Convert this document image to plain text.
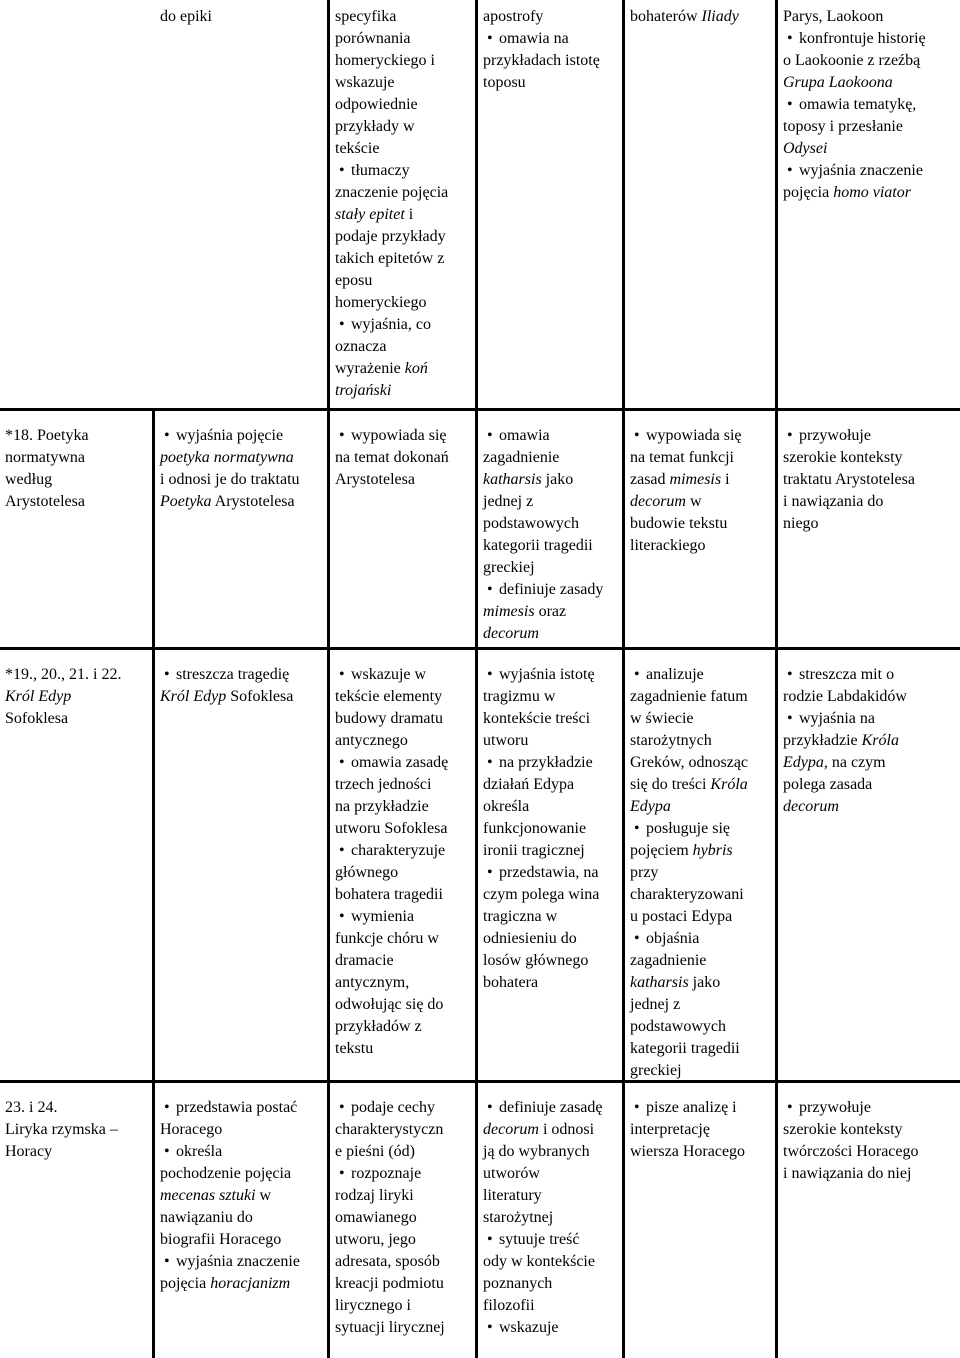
do epiki	specyfika
porównania
homeryckiego i
wskazuje
odpowiednie
przykłady w
tekście
• tłumaczy
znaczenie pojęcia
stały epitet i
podaje przykłady
takich epitetów z
eposu
homeryckiego
• wyjaśnia, co
oznacza
wyrażenie koń
trojański
apostrofy
• omawia na
przykładach istotę
toposu
bohaterów Iliady	Parys, Laokoon
• konfrontuje historię
o Laokoonie z rzeźbą
Grupa Laokoona
• omawia tematykę,
toposy i przesłanie
Odysei
• wyjaśnia znaczenie
pojęcia homo viator
*18. Poetyka
normatywna
według
Arystotelesa
• wyjaśnia pojęcie
poetyka normatywna
i odnosi je do traktatu
Poetyka Arystotelesa
• wypowiada się
na temat dokonań
Arystotelesa
• omawia
zagadnienie
katharsis jako
jednej z
podstawowych
kategorii tragedii
greckiej
• definiuje zasady
mimesis oraz
decorum
• wypowiada się
na temat funkcji
zasad mimesis i
decorum w
budowie tekstu
literackiego
• przywołuje
szerokie konteksty
traktatu Arystotelesa
i nawiązania do
niego
*19., 20., 21. i 22.
Król Edyp
Sofoklesa
• streszcza tragedię
Król Edyp Sofoklesa
• wskazuje w
tekście elementy
budowy dramatu
antycznego
• omawia zasadę
trzech jedności
na przykładzie
utworu Sofoklesa
• charakteryzuje
głównego
bohatera tragedii
• wymienia
funkcje chóru w
dramacie
antycznym,
odwołując się do
przykładów z
tekstu
• wyjaśnia istotę
tragizmu w
kontekście treści
utworu
• na przykładzie
działań Edypa
określa
funkcjonowanie
ironii tragicznej
• przedstawia, na
czym polega wina
tragiczna w
odniesieniu do
losów głównego
bohatera
• analizuje
zagadnienie fatum
w świecie
starożytnych
Greków, odnosząc
się do treści Króla
Edypa
• posługuje się
pojęciem hybris
przy
charakteryzowani
u postaci Edypa
• objaśnia
zagadnienie
katharsis jako
jednej z
podstawowych
kategorii tragedii
greckiej
• streszcza mit o
rodzie Labdakidów
• wyjaśnia na
przykładzie Króla
Edypa, na czym
polega zasada
decorum
23. i 24.
Liryka rzymska –
Horacy
• przedstawia postać
Horacego
• określa
pochodzenie pojęcia
mecenas sztuki w
nawiązaniu do
biografii Horacego
• wyjaśnia znaczenie
pojęcia horacjanizm
• podaje cechy
charakterystyczn
e pieśni (ód)
• rozpoznaje
rodzaj liryki
omawianego
utworu, jego
adresata, sposób
kreacji podmiotu
lirycznego i
sytuacji lirycznej
• definiuje zasadę
decorum i odnosi
ją do wybranych
utworów
literatury
starożytnej
• sytuuje treść
ody w kontekście
poznanych
filozofii
• wskazuje
• pisze analizę i
interpretację
wiersza Horacego
• przywołuje
szerokie konteksty
twórczości Horacego
i nawiązania do niej
